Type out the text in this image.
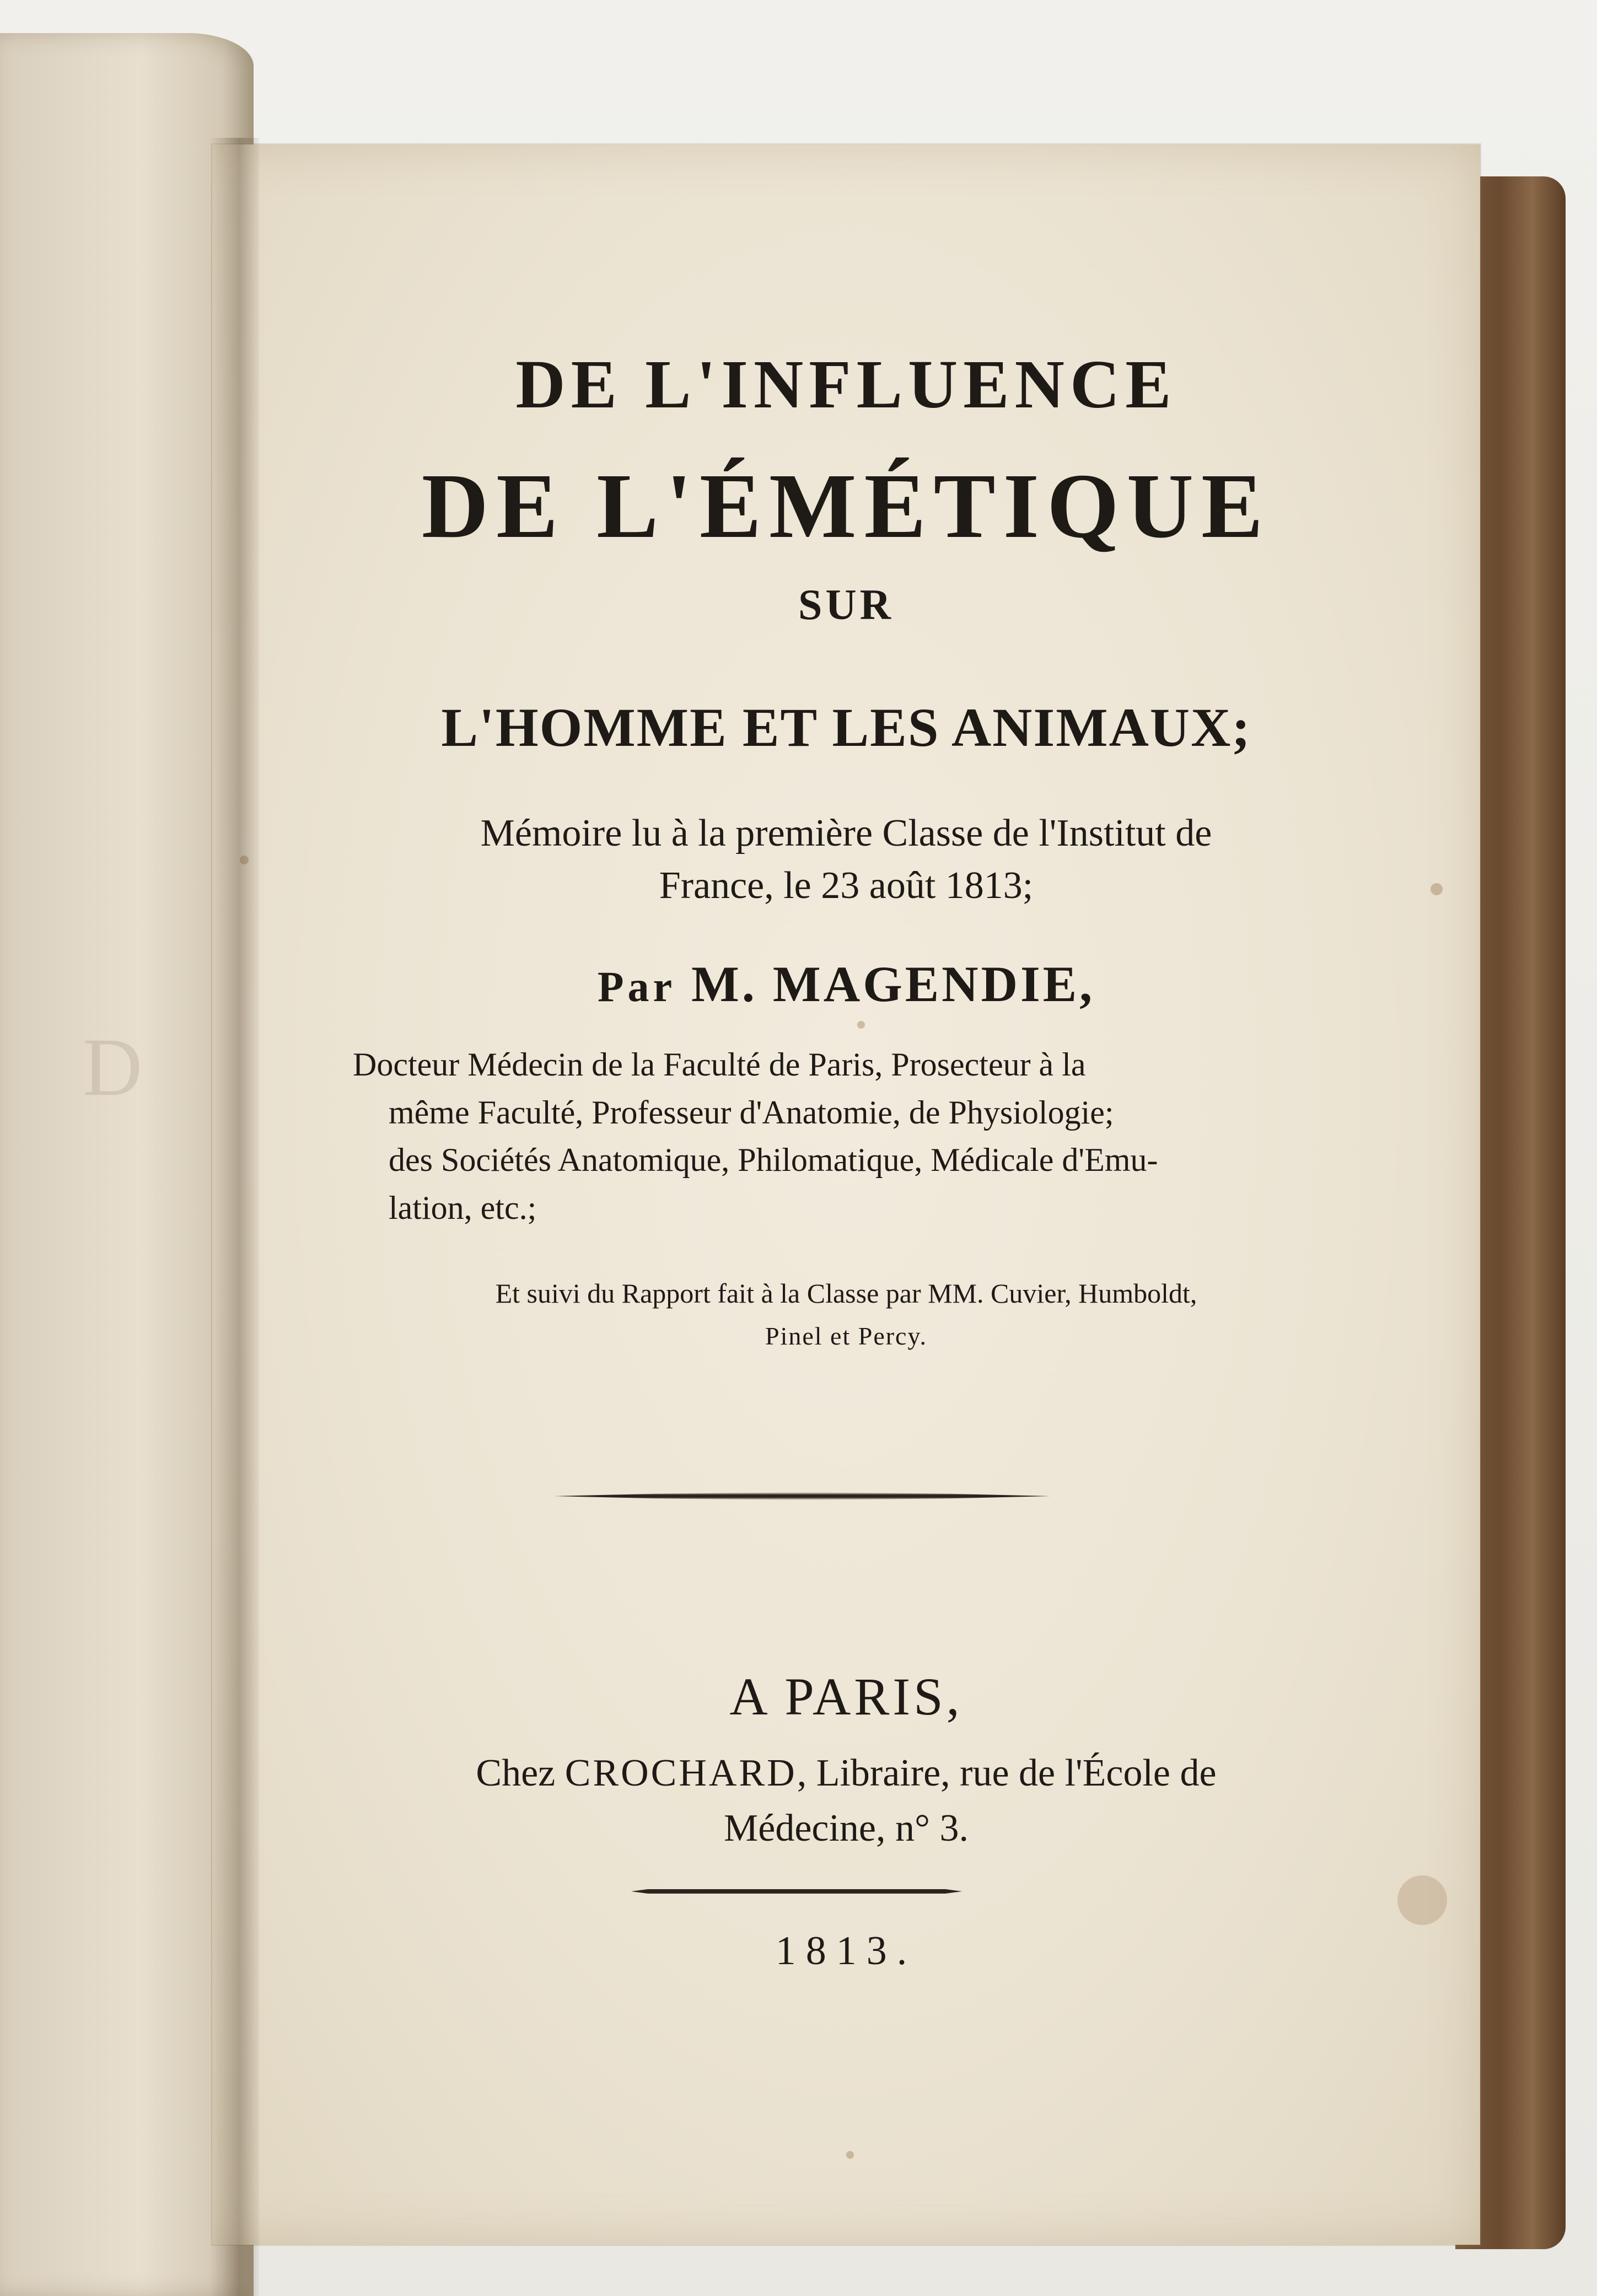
D
DE L'INFLUENCE
DE L'ÉMÉTIQUE
SUR
L'HOMME ET LES ANIMAUX;
Mémoire lu à la première Classe de l'Institut de
France, le 23 août 1813;
Par M. MAGENDIE,
Docteur Médecin de la Faculté de Paris, Prosecteur à la
même Faculté, Professeur d'Anatomie, de Physiologie;
des Sociétés Anatomique, Philomatique, Médicale d'Emu-
lation, etc.;
Et suivi du Rapport fait à la Classe par MM. Cuvier, Humboldt,
Pinel et Percy.
A PARIS,
Chez CROCHARD, Libraire, rue de l'École de
Médecine, n° 3.
1813.
